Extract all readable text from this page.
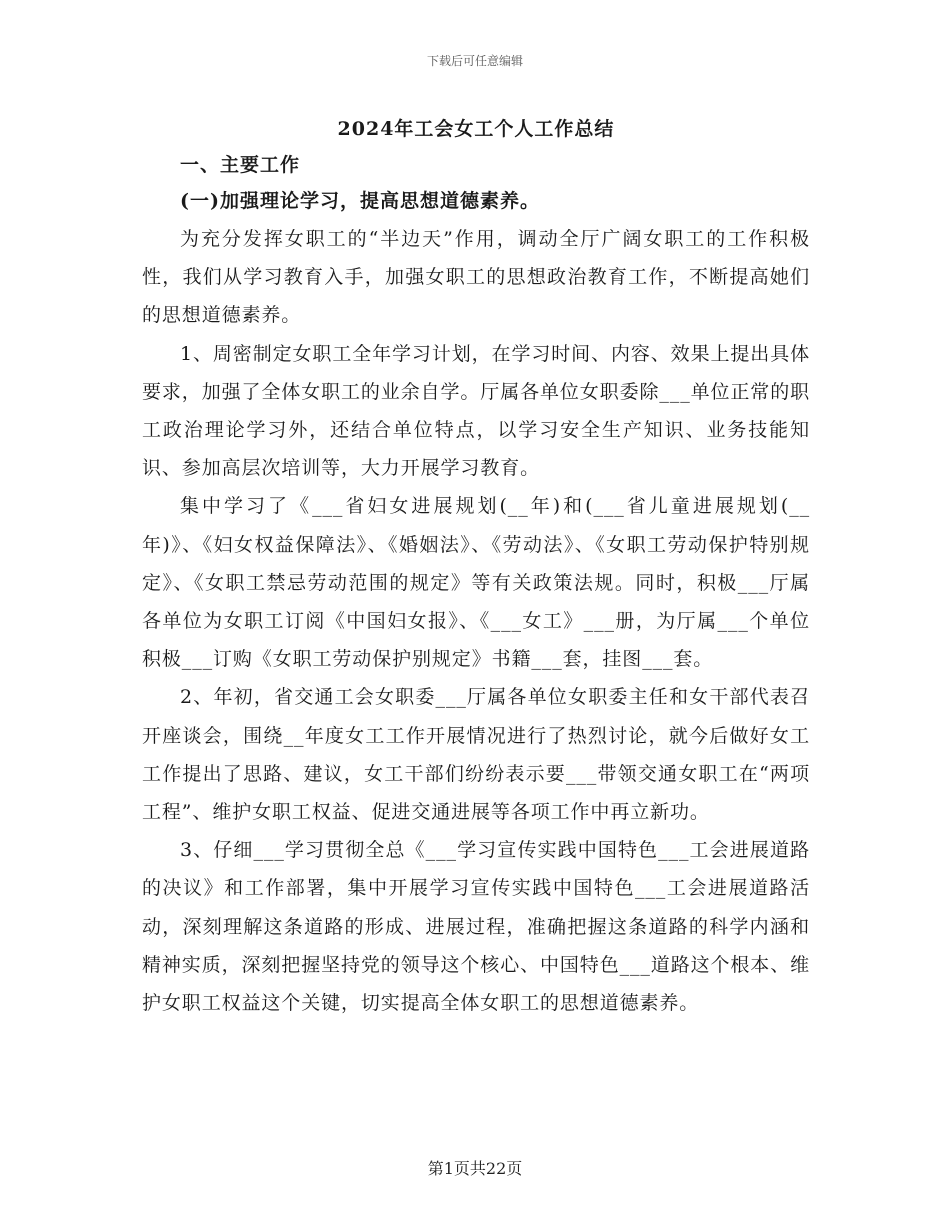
下载后可任意编辑
2024年工会女工个人工作总结
一、主要工作
(一)加强理论学习，提高思想道德素养。

为充分发挥女职工的“半边天”作用，调动全厅广阔女职工的工作积极性，我们从学习教育入手，加强女职工的思想政治教育工作，不断提高她们的思想道德素养。

1、周密制定女职工全年学习计划，在学习时间、内容、效果上提出具体要求，加强了全体女职工的业余自学。厅属各单位女职委除___单位正常的职工政治理论学习外，还结合单位特点，以学习安全生产知识、业务技能知识、参加高层次培训等，大力开展学习教育。

集中学习了《___省妇女进展规划(__年)和(___省儿童进展规划(__年)》、《妇女权益保障法》、《婚姻法》、《劳动法》、《女职工劳动保护特别规定》、《女职工禁忌劳动范围的规定》等有关政策法规。同时，积极___厅属各单位为女职工订阅《中国妇女报》、《___女工》___册，为厅属___个单位积极___订购《女职工劳动保护别规定》书籍___套，挂图___套。

2、年初，省交通工会女职委___厅属各单位女职委主任和女干部代表召开座谈会，围绕__年度女工工作开展情况进行了热烈讨论，就今后做好女工工作提出了思路、建议，女工干部们纷纷表示要___带领交通女职工在“两项工程”、维护女职工权益、促进交通进展等各项工作中再立新功。

3、仔细___学习贯彻全总《___学习宣传实践中国特色___工会进展道路的决议》和工作部署，集中开展学习宣传实践中国特色___工会进展道路活动，深刻理解这条道路的形成、进展过程，准确把握这条道路的科学内涵和精神实质，深刻把握坚持党的领导这个核心、中国特色___道路这个根本、维护女职工权益这个关键，切实提高全体女职工的思想道德素养。

第1页共22页
